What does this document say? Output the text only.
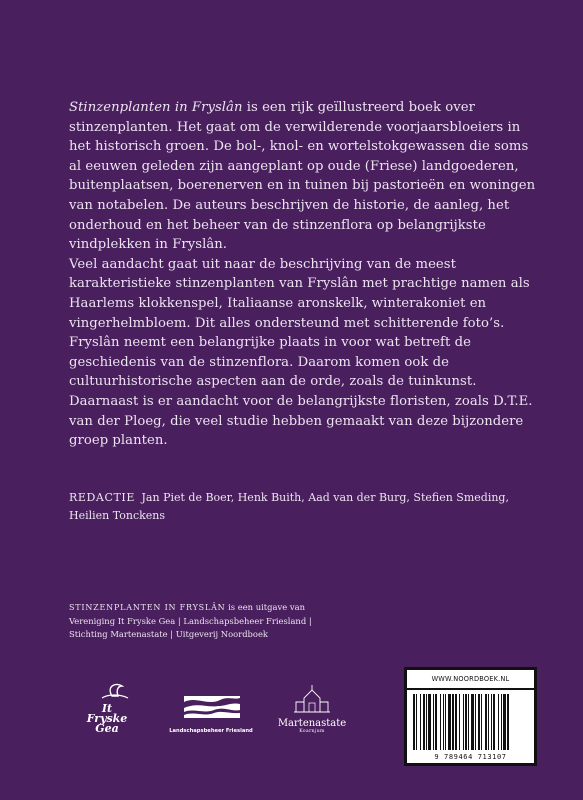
Stinzenplanten in Fryslân is een rijk geïllustreerd boek over stinzenplanten. Het gaat om de verwilderende voorjaarsbloeiers in het historisch groen. De bol-, knol- en wortelstokgewassen die soms al eeuwen geleden zijn aangeplant op oude (Friese) landgoederen, buitenplaatsen, boerenerven en in tuinen bij pastorieën en woningen van notabelen. De auteurs beschrijven de historie, de aanleg, het onderhoud en het beheer van de stinzenflora op belangrijkste vindplekken in Fryslân.

Veel aandacht gaat uit naar de beschrijving van de meest karakteristieke stinzenplanten van Fryslân met prachtige namen als Haarlems klokkenspel, Italiaanse aronskelk, winterakoniet en vingerhelmbloem. Dit alles ondersteund met schitterende foto’s.

Fryslân neemt een belangrijke plaats in voor wat betreft de geschiedenis van de stinzenflora. Daarom komen ook de cultuurhistorische aspecten aan de orde, zoals de tuinkunst. Daarnaast is er aandacht voor de belangrijkste floristen, zoals D.T.E. van der Ploeg, die veel studie hebben gemaakt van deze bijzondere groep planten.

REDACTIE Jan Piet de Boer, Henk Buith, Aad van der Burg, Stefien Smeding, Heilien Tonckens
STINZENPLANTEN IN FRYSLÂN is een uitgave van
Vereniging It Fryske Gea | Landschapsbeheer Friesland |
Stichting Martenastate | Uitgeverij Noordboek
It
Fryske
Gea	Landschapsbeheer Friesland
Martenastate
Koarnjum
WWW.NOORDBOEK.NL
9 789464 713107
